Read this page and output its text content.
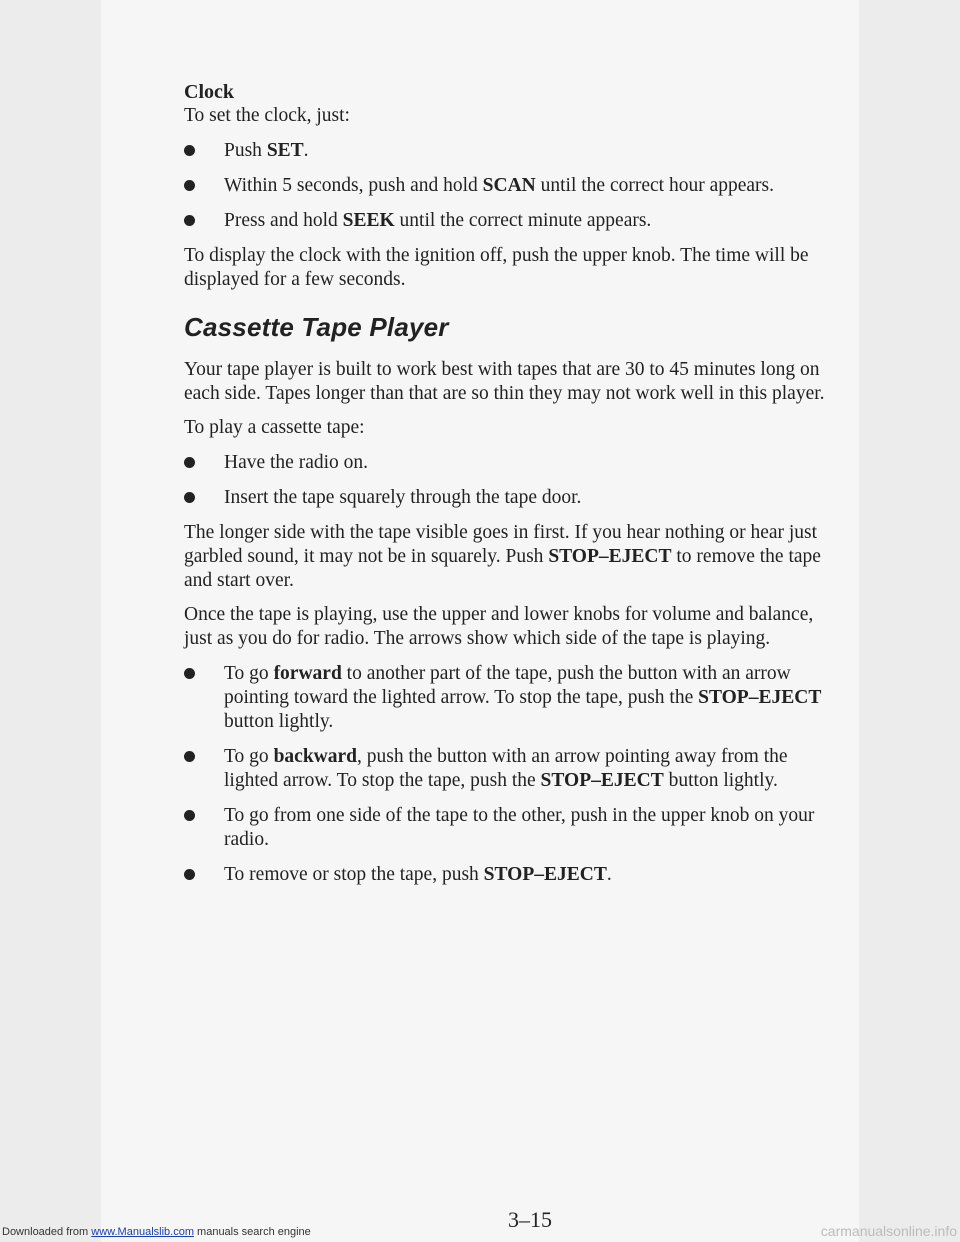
Clock

To set the clock, just:

Push SET.
Within 5 seconds, push and hold SCAN until the correct hour appears.
Press and hold SEEK until the correct minute appears.

To display the clock with the ignition off, push the upper knob. The time will be displayed for a few seconds.

Cassette Tape Player

Your tape player is built to work best with tapes that are 30 to 45 minutes long on each side. Tapes longer than that are so thin they may not work well in this player.

To play a cassette tape:

Have the radio on.
Insert the tape squarely through the tape door.

The longer side with the tape visible goes in first. If you hear nothing or hear just garbled sound, it may not be in squarely. Push STOP–EJECT to remove the tape and start over.

Once the tape is playing, use the upper and lower knobs for volume and balance, just as you do for radio. The arrows show which side of the tape is playing.

To go forward to another part of the tape, push the button with an arrow pointing toward the lighted arrow. To stop the tape, push the STOP–EJECT button lightly.
To go backward, push the button with an arrow pointing away from the lighted arrow. To stop the tape, push the STOP–EJECT button lightly.
To go from one side of the tape to the other, push in the upper knob on your radio.
To remove or stop the tape, push STOP–EJECT.
3–15
Downloaded from www.Manualslib.com manuals search engine	carmanualsonline.info
